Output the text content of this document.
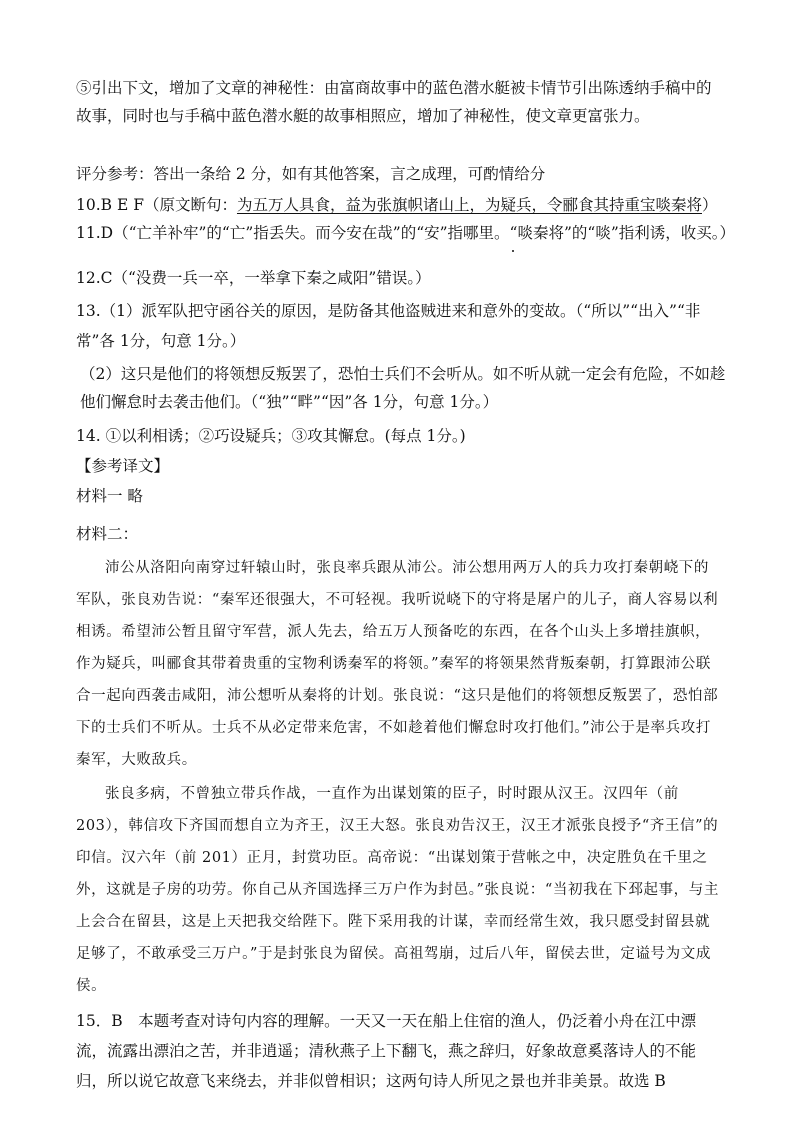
⑤引出下文，增加了文章的神秘性：由富商故事中的蓝色潜水艇被卡情节引出陈透纳手稿中的故事，同时也与手稿中蓝色潜水艇的故事相照应，增加了神秘性，使文章更富张力。
评分参考：答出一条给 2 分，如有其他答案，言之成理，可酌情给分
10.B E F（原文断句：为五万人具食，益为张旗帜诸山上，为疑兵，令郦食其持重宝啖秦将）
11.D（“亡羊补牢”的“亡”指丢失。而今安在哉”的“安”指哪里。“啖秦将”的“啖”指利诱，收买。）
12.C（“没费一兵一卒，一举拿下秦之咸阳”错误。）
13.（1）派军队把守函谷关的原因，是防备其他盗贼进来和意外的变故。（“所以”“出入”“非常”各 1分，句意 1分。）
（2）这只是他们的将领想反叛罢了，恐怕士兵们不会听从。如不听从就一定会有危险，不如趁他们懈怠时去袭击他们。（“独”“畔”“因”各 1分，句意 1分。）
14. ①以利相诱；②巧设疑兵；③攻其懈怠。(每点 1分。)
【参考译文】
材料一 略
材料二：
沛公从洛阳向南穿过轩辕山时，张良率兵跟从沛公。沛公想用两万人的兵力攻打秦朝峣下的军队，张良劝告说：“秦军还很强大，不可轻视。我听说峣下的守将是屠户的儿子，商人容易以利相诱。希望沛公暂且留守军营，派人先去，给五万人预备吃的东西，在各个山头上多增挂旗帜，作为疑兵，叫郦食其带着贵重的宝物利诱秦军的将领。”秦军的将领果然背叛秦朝，打算跟沛公联合一起向西袭击咸阳，沛公想听从秦将的计划。张良说：“这只是他们的将领想反叛罢了，恐怕部下的士兵们不听从。士兵不从必定带来危害，不如趁着他们懈怠时攻打他们。”沛公于是率兵攻打秦军，大败敌兵。
张良多病，不曾独立带兵作战，一直作为出谋划策的臣子，时时跟从汉王。汉四年（前 203），韩信攻下齐国而想自立为齐王，汉王大怒。张良劝告汉王，汉王才派张良授予“齐王信”的印信。汉六年（前 201）正月，封赏功臣。高帝说：“出谋划策于营帐之中，决定胜负在千里之外，这就是子房的功劳。你自己从齐国选择三万户作为封邑。”张良说：“当初我在下邳起事，与主上会合在留县，这是上天把我交给陛下。陛下采用我的计谋，幸而经常生效，我只愿受封留县就足够了，不敢承受三万户。”于是封张良为留侯。高祖驾崩，过后八年，留侯去世，定谥号为文成侯。
15．B　本题考查对诗句内容的理解。一天又一天在船上住宿的渔人，仍泛着小舟在江中漂流，流露出漂泊之苦，并非逍遥；清秋燕子上下翻飞，燕之辞归，好象故意奚落诗人的不能归，所以说它故意飞来绕去，并非似曾相识；这两句诗人所见之景也并非美景。故选 B
